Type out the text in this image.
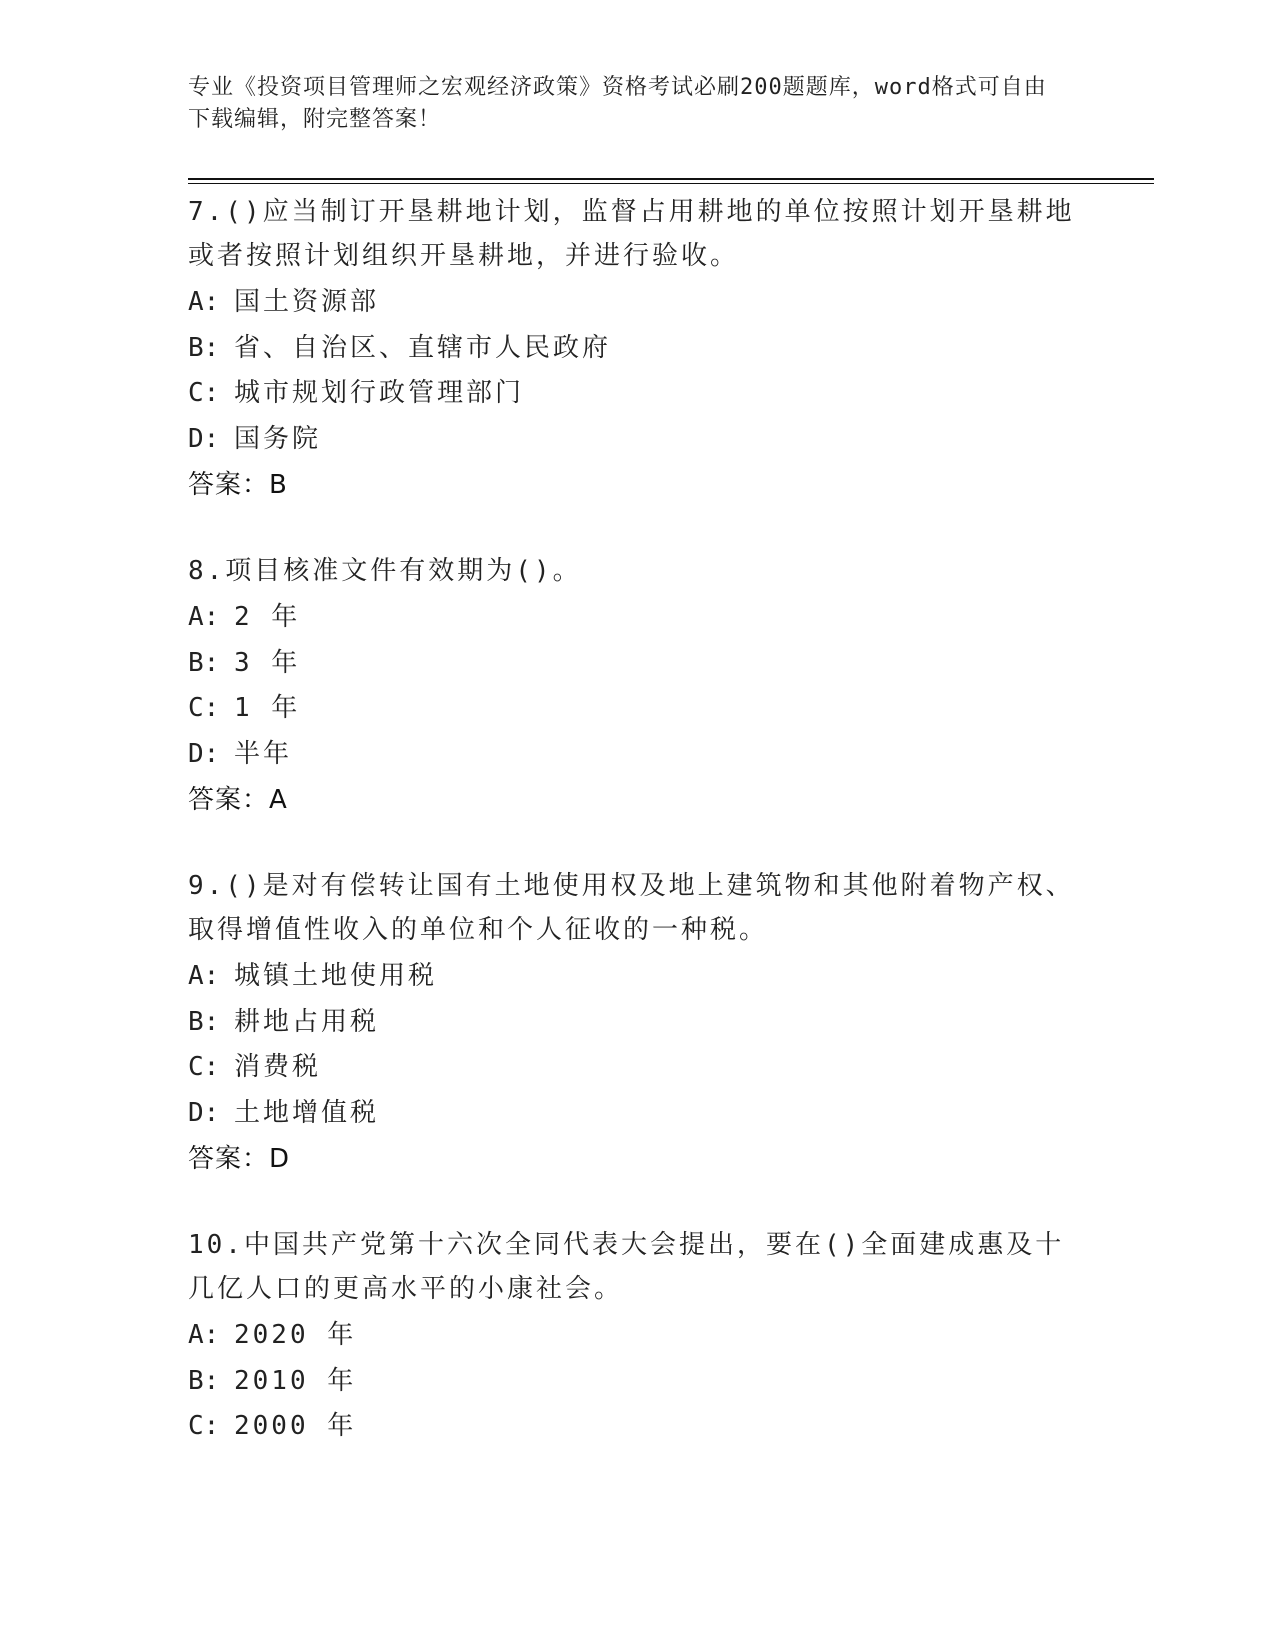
专业《投资项目管理师之宏观经济政策》资格考试必刷200题题库，word格式可自由下载编辑，附完整答案！
7.()应当制订开垦耕地计划，监督占用耕地的单位按照计划开垦耕地或者按照计划组织开垦耕地，并进行验收。
A: 国土资源部
B: 省、自治区、直辖市人民政府
C: 城市规划行政管理部门
D: 国务院
答案：B
8.项目核准文件有效期为()。
A: 2 年
B: 3 年
C: 1 年
D: 半年
答案：A
9.()是对有偿转让国有土地使用权及地上建筑物和其他附着物产权、取得增值性收入的单位和个人征收的一种税。
A: 城镇土地使用税
B: 耕地占用税
C: 消费税
D: 土地增值税
答案：D
10.中国共产党第十六次全同代表大会提出，要在()全面建成惠及十几亿人口的更高水平的小康社会。
A: 2020 年
B: 2010 年
C: 2000 年
